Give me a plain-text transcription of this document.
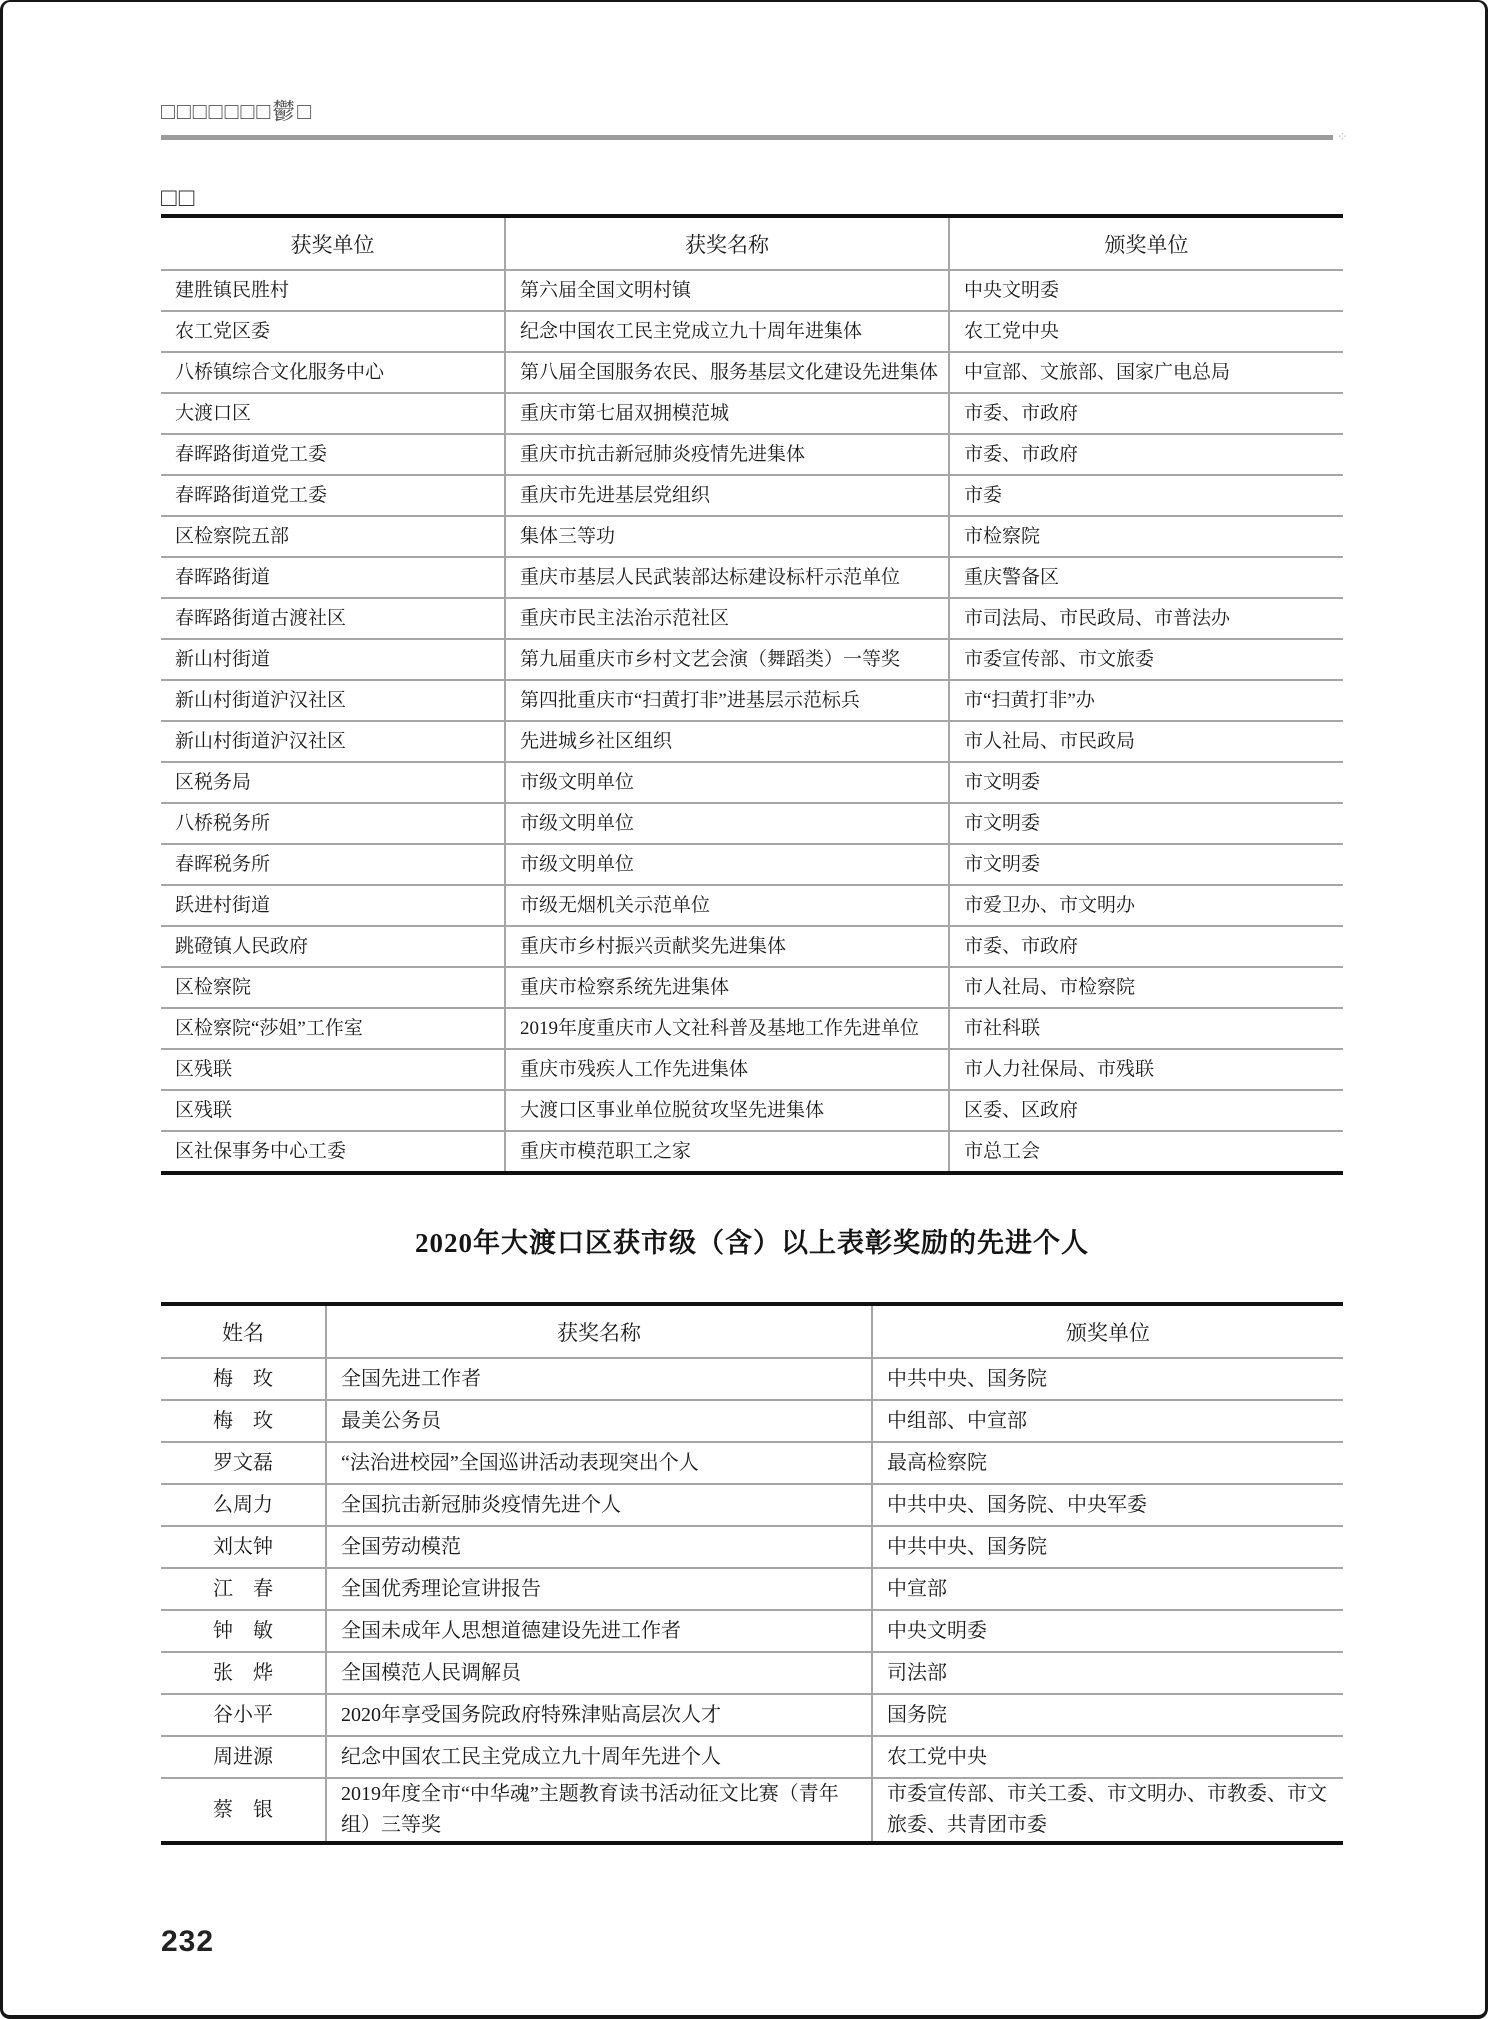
□□□□□□□鬱□
⁘
□□
获奖单位	获奖名称	颁奖单位
建胜镇民胜村	第六届全国文明村镇	中央文明委
农工党区委	纪念中国农工民主党成立九十周年进集体	农工党中央
八桥镇综合文化服务中心	第八届全国服务农民、服务基层文化建设先进集体	中宣部、文旅部、国家广电总局
大渡口区	重庆市第七届双拥模范城	市委、市政府
春晖路街道党工委	重庆市抗击新冠肺炎疫情先进集体	市委、市政府
春晖路街道党工委	重庆市先进基层党组织	市委
区检察院五部	集体三等功	市检察院
春晖路街道	重庆市基层人民武装部达标建设标杆示范单位	重庆警备区
春晖路街道古渡社区	重庆市民主法治示范社区	市司法局、市民政局、市普法办
新山村街道	第九届重庆市乡村文艺会演（舞蹈类）一等奖	市委宣传部、市文旅委
新山村街道沪汉社区	第四批重庆市“扫黄打非”进基层示范标兵	市“扫黄打非”办
新山村街道沪汉社区	先进城乡社区组织	市人社局、市民政局
区税务局	市级文明单位	市文明委
八桥税务所	市级文明单位	市文明委
春晖税务所	市级文明单位	市文明委
跃进村街道	市级无烟机关示范单位	市爱卫办、市文明办
跳磴镇人民政府	重庆市乡村振兴贡献奖先进集体	市委、市政府
区检察院	重庆市检察系统先进集体	市人社局、市检察院
区检察院“莎姐”工作室	2019年度重庆市人文社科普及基地工作先进单位	市社科联
区残联	重庆市残疾人工作先进集体	市人力社保局、市残联
区残联	大渡口区事业单位脱贫攻坚先进集体	区委、区政府
区社保事务中心工委	重庆市模范职工之家	市总工会
2020年大渡口区获市级（含）以上表彰奖励的先进个人
姓名	获奖名称	颁奖单位
梅　玫	全国先进工作者	中共中央、国务院
梅　玫	最美公务员	中组部、中宣部
罗文磊	“法治进校园”全国巡讲活动表现突出个人	最高检察院
么周力	全国抗击新冠肺炎疫情先进个人	中共中央、国务院、中央军委
刘太钟	全国劳动模范	中共中央、国务院
江　春	全国优秀理论宣讲报告	中宣部
钟　敏	全国未成年人思想道德建设先进工作者	中央文明委
张　烨	全国模范人民调解员	司法部
谷小平	2020年享受国务院政府特殊津贴高层次人才	国务院
周进源	纪念中国农工民主党成立九十周年先进个人	农工党中央
蔡　银	2019年度全市“中华魂”主题教育读书活动征文比赛（青年组）三等奖	市委宣传部、市关工委、市文明办、市教委、市文旅委、共青团市委
232
